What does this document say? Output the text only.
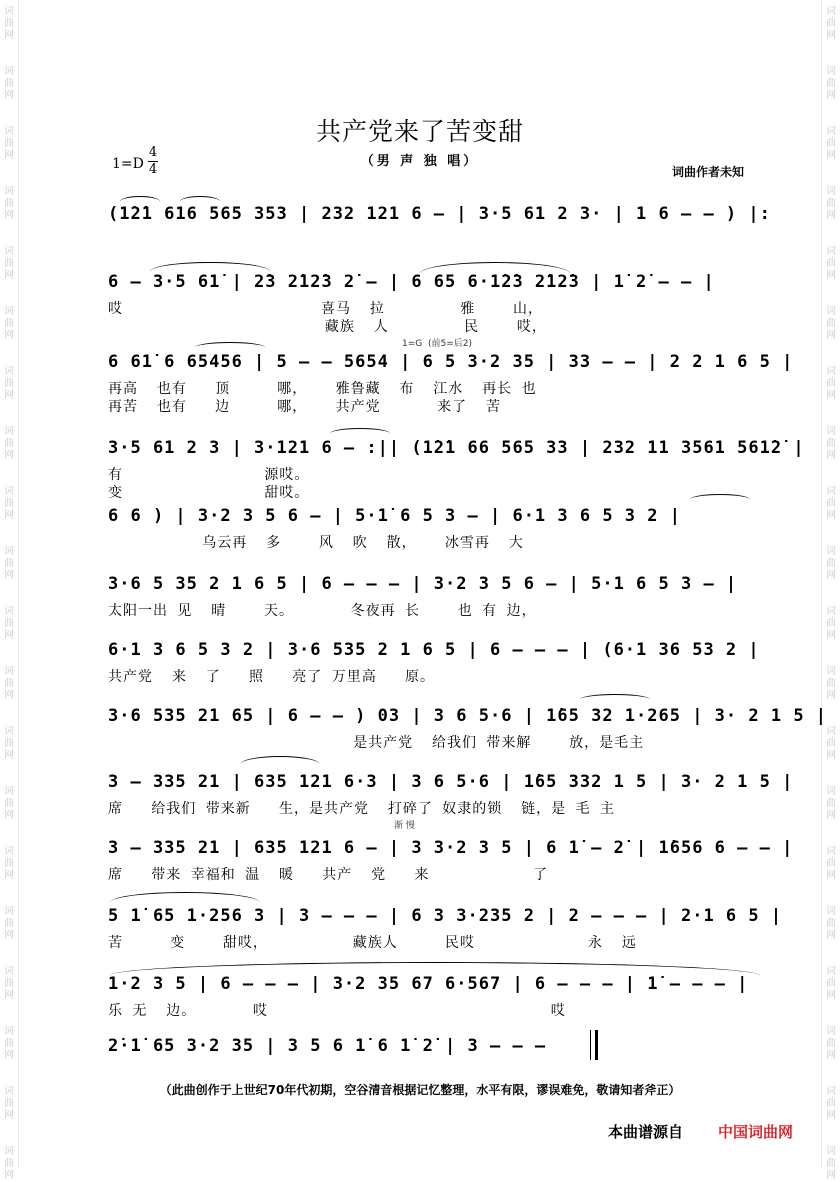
词
曲
网
词
曲
网
词
曲
网
词
曲
网
词
曲
网
词
曲
网
词
曲
网
词
曲
网
词
曲
网
词
曲
网
词
曲
网
词
曲
网
词
曲
网
词
曲
网
词
曲
网
词
曲
网
词
曲
网
词
曲
网
词
曲
网
词
曲
网
词
曲
网
词
曲
网
词
曲
网
词
曲
网
词
曲
网
词
曲
网
词
曲
网
词
曲
网
词
曲
网
词
曲
网
词
曲
网
词
曲
网
词
曲
网
词
曲
网
词
曲
网
词
曲
网
词
曲
网
词
曲
网
词
曲
网
词
曲
网
共产党来了苦变甜
（男 声 独 唱）
1=D
4
4	词曲作者未知
(1̇2̇1 616 565 353 | 232 121 6 – | 3·5 61 2 3· | 1 6 – – ) |:
6 – 3·5 61̇ | 2̇3 2̇12̇3 2̇ – | 6 65 6·1̇2̇3 2̇12̇3 | 1̇ 2̇ – – |
哎                     喜马  拉        雅    山，
藏族  人        民    哎，
1=G  (前5=后2)
6 61̇ 6 65456 | 5 – – 5654 | 6 5 3·2 35 | 33 – – | 2 2 1 6 5 |
再高  也有   顶     哪，   雅鲁藏  布  江水  再长 也
再苦  也有   边     哪，   共产党      来了  苦
3·5 61 2 3 | 3·121 6 – :|| (1̇2̇1 66 565 33 | 232 11 3561 561̇2̇ |
有               源哎。
变               甜哎。
6 6 ) | 3·2 3 5 6 – | 5·1̇ 6 5 3 – | 6·1 3 6 5 3 2 |
乌云再  多    风  吹  散，   冰雪再  大
3·6 5 35 2 1 6 5 | 6 – – – | 3·2 3 5 6 – | 5·1 6 5 3 – |
太阳一出 见  晴    天。      冬夜再 长    也 有 边，
6·1 3 6 5 3 2 | 3·6 535 2 1 6 5 | 6 – – – | (6·1 36 53 2 |
共产党  来  了   照   亮了 万里高   原。
3·6 535 21 65 | 6 – – ) 03 | 3 6 5·6 | 1̇65 32 1·265 | 3· 2 1 5 |
是共产党  给我们 带来解    放，是毛主
3 – 335 21 | 635 121 6·3 | 3 6 5·6 | 1̇65 332 1 5 | 3· 2 1 5 |
席   给我们 带来新   生，是共产党  打碎了 奴隶的锁  链，是 毛 主
渐 慢
3 – 335 21 | 635 121 6 – | 3 3·2 3 5 | 6 1̇ – 2̇ | 1̇656 6 – – |
席   带来 幸福和 温  暖   共产  党   来           了
5 1̇ 65 1·256 3 | 3 – – – | 6 3 3·235 2 | 2 – – – | 2·1 6 5 |
苦     变    甜哎，         藏族人     民哎            永  远
1·2 3 5 | 6 – – – | 3·2 35 67 6·567 | 6 – – – | 1̇ – – – |
乐 无  边。      哎                              哎
2̇·1̇ 65 3·2 35 | 3 5 6 1̇ 6 1̇ 2̇ | 3 – – –
（此曲创作于上世纪70年代初期，空谷清音根据记忆整理，水平有限，谬误难免，敬请知者斧正）
本曲谱源自 中国词曲网
